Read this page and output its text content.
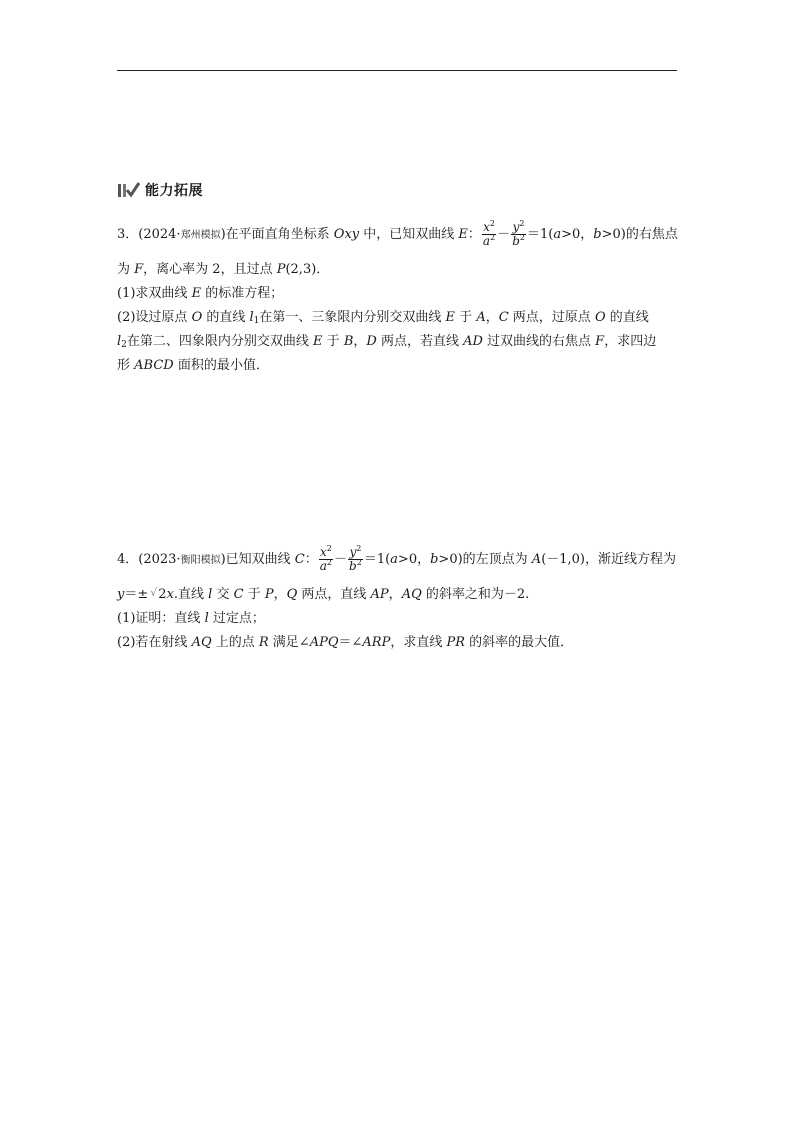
能力拓展
3．(2024·郑州模拟)在平面直角坐标系 Oxy 中，已知双曲线 E： $\frac{x^2}{a^2} - \frac{y^2}{b^2} =1(a>0$，b>0)的右焦点
为 F，离心率为 2，且过点 P(2,3)．
(1)求双曲线 E 的标准方程；
(2)设过原点 O 的直线 $l_1$在第一、三象限内分别交双曲线 E 于 A，C 两点，过原点 O 的直线
$l_2$在第二、四象限内分别交双曲线 E 于 B，D 两点，若直线 AD 过双曲线的右焦点 F，求四边
形 ABCD 面积的最小值．
4．(2023·衡阳模拟)已知双曲线 C： $\frac{x^2}{a^2} - \frac{y^2}{b^2} =1(a>0$，b>0)的左顶点为 A(－1,0)，渐近线方程为
y＝± √2x.直线 l 交 C 于 P，Q 两点，直线 AP，AQ 的斜率之和为－2.
(1)证明：直线 l 过定点；
(2)若在射线 AQ 上的点 R 满足∠APQ＝∠ARP，求直线 PR 的斜率的最大值．
